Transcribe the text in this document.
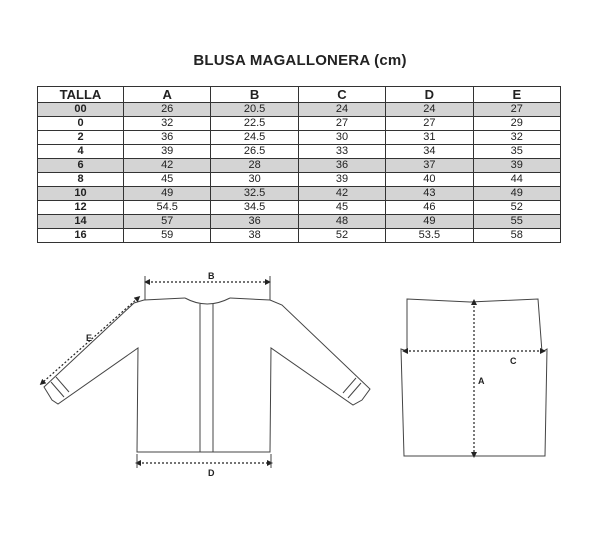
BLUSA MAGALLONERA (cm)
TALLA	A	B	C	D	E
00	26	20.5	24	24	27
0	32	22.5	27	27	29
2	36	24.5	30	31	32
4	39	26.5	33	34	35
6	42	28	36	37	39
8	45	30	39	40	44
10	49	32.5	42	43	49
12	54.5	34.5	45	46	52
14	57	36	48	49	55
16	59	38	52	53.5	58
B
D
E
A
C
